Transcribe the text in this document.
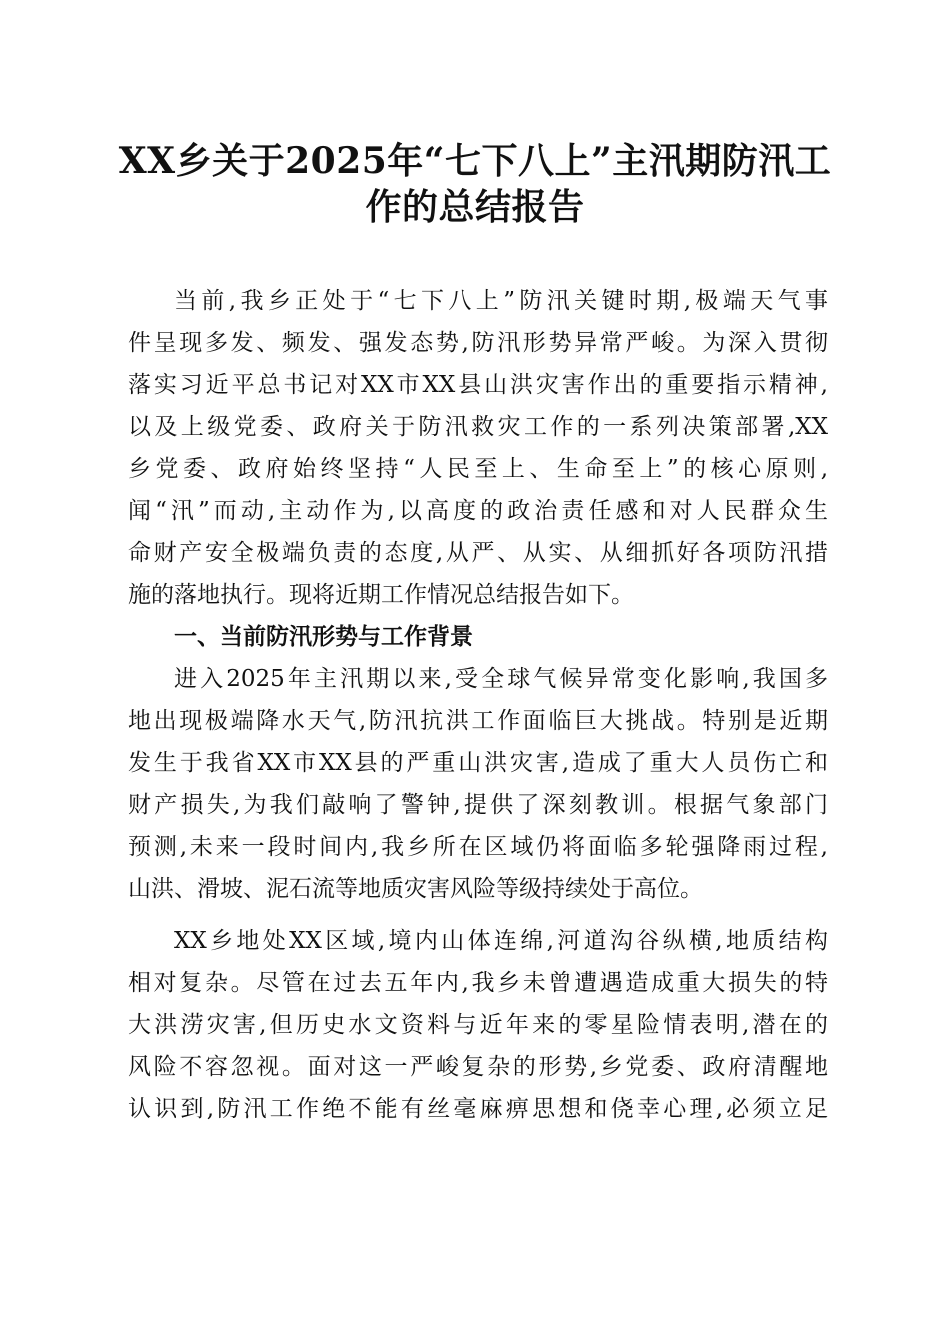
XX乡关于2025年“七下八上”主汛期防汛工
作的总结报告
当前,我乡正处于“七下八上”防汛关键时期,极端天气事
件呈现多发、频发、强发态势,防汛形势异常严峻。为深入贯彻
落实习近平总书记对XX市XX县山洪灾害作出的重要指示精神,
以及上级党委、政府关于防汛救灾工作的一系列决策部署,XX
乡党委、政府始终坚持“人民至上、生命至上”的核心原则,
闻“汛”而动,主动作为,以高度的政治责任感和对人民群众生
命财产安全极端负责的态度,从严、从实、从细抓好各项防汛措
施的落地执行。现将近期工作情况总结报告如下。
一、当前防汛形势与工作背景
进入2025年主汛期以来,受全球气候异常变化影响,我国多
地出现极端降水天气,防汛抗洪工作面临巨大挑战。特别是近期
发生于我省XX市XX县的严重山洪灾害,造成了重大人员伤亡和
财产损失,为我们敲响了警钟,提供了深刻教训。根据气象部门
预测,未来一段时间内,我乡所在区域仍将面临多轮强降雨过程,
山洪、滑坡、泥石流等地质灾害风险等级持续处于高位。
XX乡地处XX区域,境内山体连绵,河道沟谷纵横,地质结构
相对复杂。尽管在过去五年内,我乡未曾遭遇造成重大损失的特
大洪涝灾害,但历史水文资料与近年来的零星险情表明,潜在的
风险不容忽视。面对这一严峻复杂的形势,乡党委、政府清醒地
认识到,防汛工作绝不能有丝毫麻痹思想和侥幸心理,必须立足
